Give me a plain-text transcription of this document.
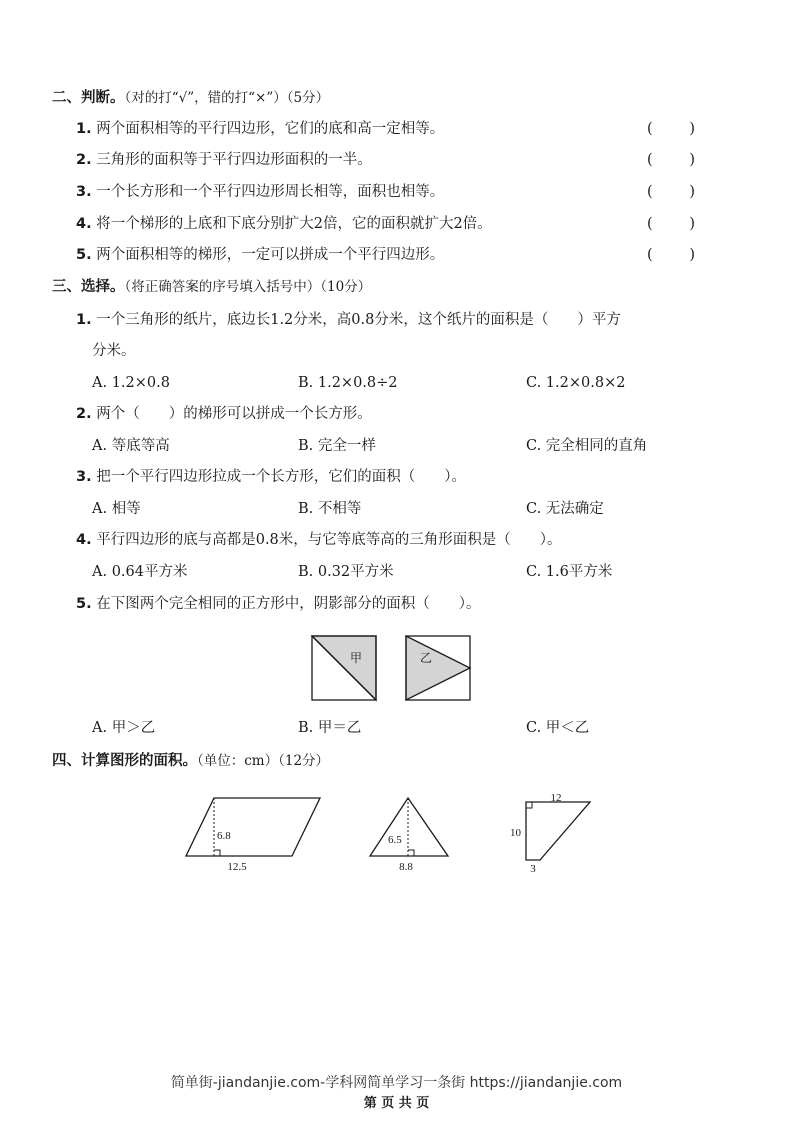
二、判断。（对的打“√”，错的打“×”）（5分）
1. 两个面积相等的平行四边形，它们的底和高一定相等。	(	)
2. 三角形的面积等于平行四边形面积的一半。	(	)
3. 一个长方形和一个平行四边形周长相等，面积也相等。	(	)
4. 将一个梯形的上底和下底分别扩大2倍，它的面积就扩大2倍。	(	)
5. 两个面积相等的梯形，一定可以拼成一个平行四边形。	(	)
三、选择。（将正确答案的序号填入括号中）（10分）
1. 一个三角形的纸片，底边长1.2分米，高0.8分米，这个纸片的面积是（　　）平方
分米。
A. 1.2×0.8	B. 1.2×0.8÷2	C. 1.2×0.8×2
2. 两个（　　）的梯形可以拼成一个长方形。
A. 等底等高	B. 完全一样	C. 完全相同的直角
3. 把一个平行四边形拉成一个长方形，它们的面积（　　）。
A. 相等	B. 不相等	C. 无法确定
4. 平行四边形的底与高都是0.8米，与它等底等高的三角形面积是（　　）。
A. 0.64平方米	B. 0.32平方米	C. 1.6平方米
5. 在下图两个完全相同的正方形中，阴影部分的面积（　　）。
甲	乙
A. 甲＞乙	B. 甲＝乙	C. 甲＜乙
四、计算图形的面积。（单位：cm）（12分）
6.8
12.5
6.5
8.8
12
10
3
简单街-jiandanjie.com-学科网简单学习一条街 https://jiandanjie.com
第 页 共 页
